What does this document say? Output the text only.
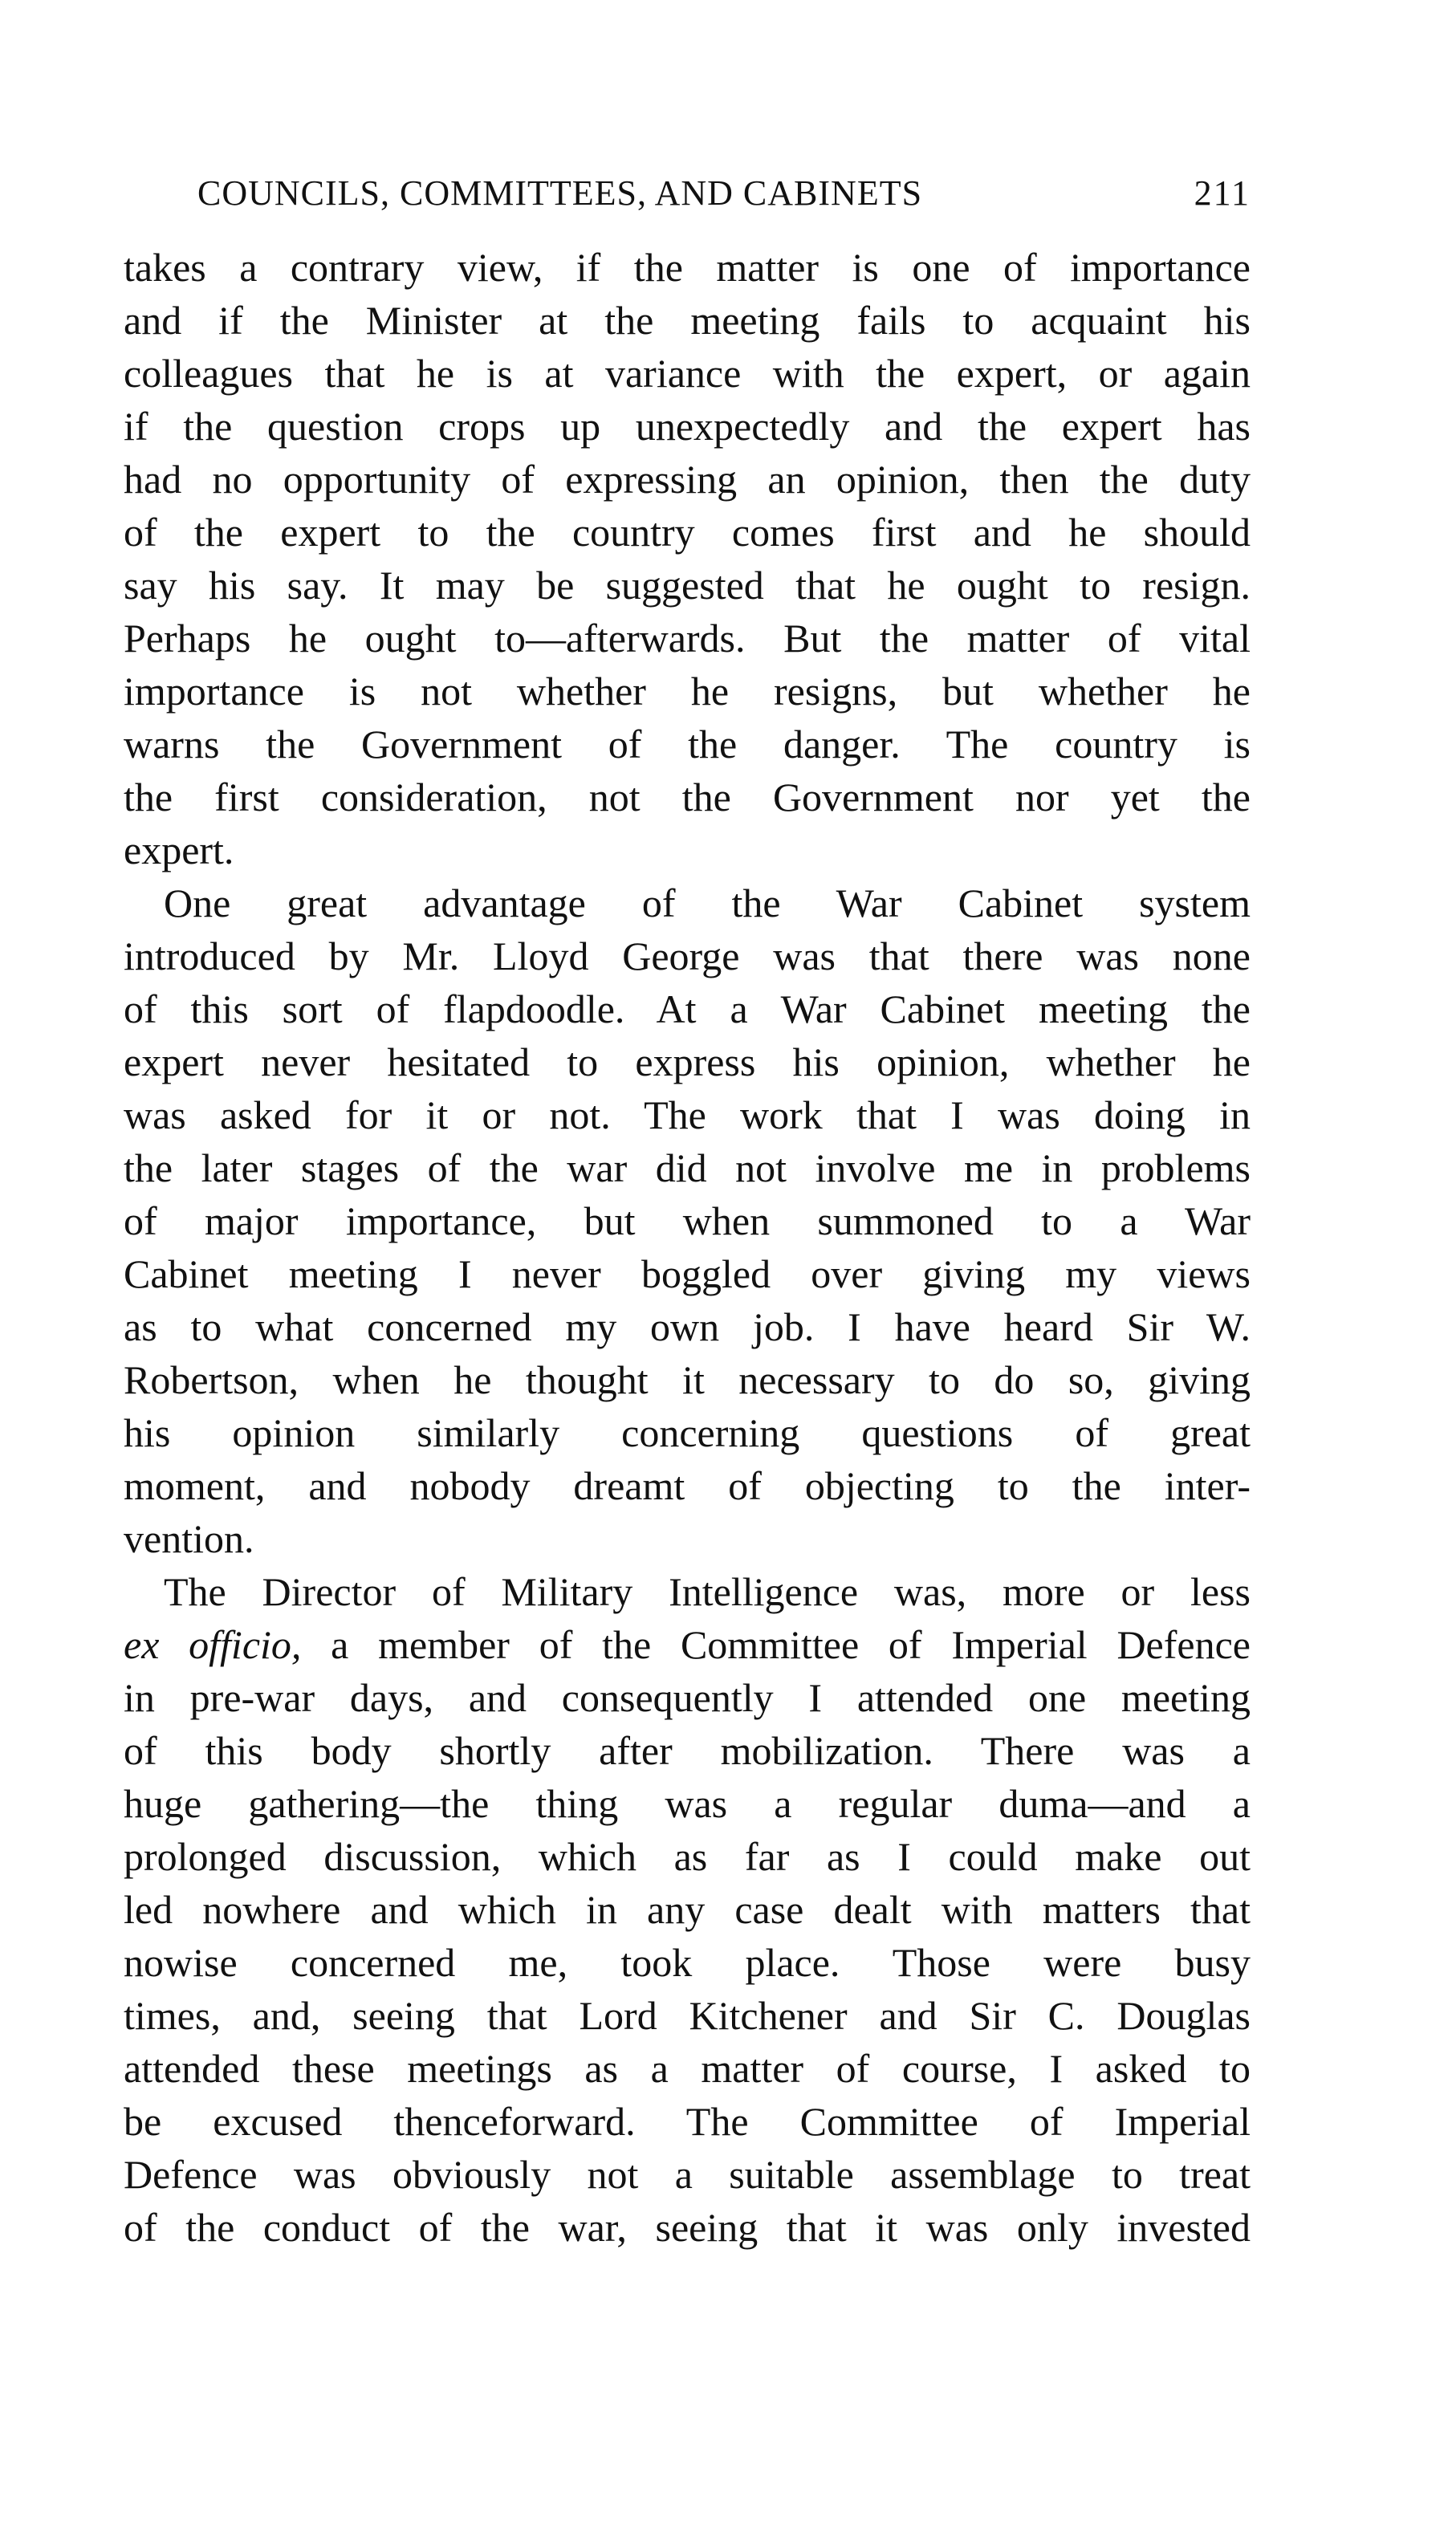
COUNCILS, COMMITTEES, AND CABINETS	211
takes a contrary view, if the matter is one of importance
and if the Minister at the meeting fails to acquaint his
colleagues that he is at variance with the expert, or again
if the question crops up unexpectedly and the expert has
had no opportunity of expressing an opinion, then the duty
of the expert to the country comes first and he should
say his say. It may be suggested that he ought to resign.
Perhaps he ought to—afterwards. But the matter of vital
importance is not whether he resigns, but whether he
warns the Government of the danger. The country is
the first consideration, not the Government nor yet the
expert.
One great advantage of the War Cabinet system
introduced by Mr. Lloyd George was that there was none
of this sort of flapdoodle. At a War Cabinet meeting the
expert never hesitated to express his opinion, whether he
was asked for it or not. The work that I was doing in
the later stages of the war did not involve me in problems
of major importance, but when summoned to a War
Cabinet meeting I never boggled over giving my views
as to what concerned my own job. I have heard Sir W.
Robertson, when he thought it necessary to do so, giving
his opinion similarly concerning questions of great
moment, and nobody dreamt of objecting to the inter-
vention.
The Director of Military Intelligence was, more or less
ex officio, a member of the Committee of Imperial Defence
in pre-war days, and consequently I attended one meeting
of this body shortly after mobilization. There was a
huge gathering—the thing was a regular duma—and a
prolonged discussion, which as far as I could make out
led nowhere and which in any case dealt with matters that
nowise concerned me, took place. Those were busy
times, and, seeing that Lord Kitchener and Sir C. Douglas
attended these meetings as a matter of course, I asked to
be excused thenceforward. The Committee of Imperial
Defence was obviously not a suitable assemblage to treat
of the conduct of the war, seeing that it was only invested
